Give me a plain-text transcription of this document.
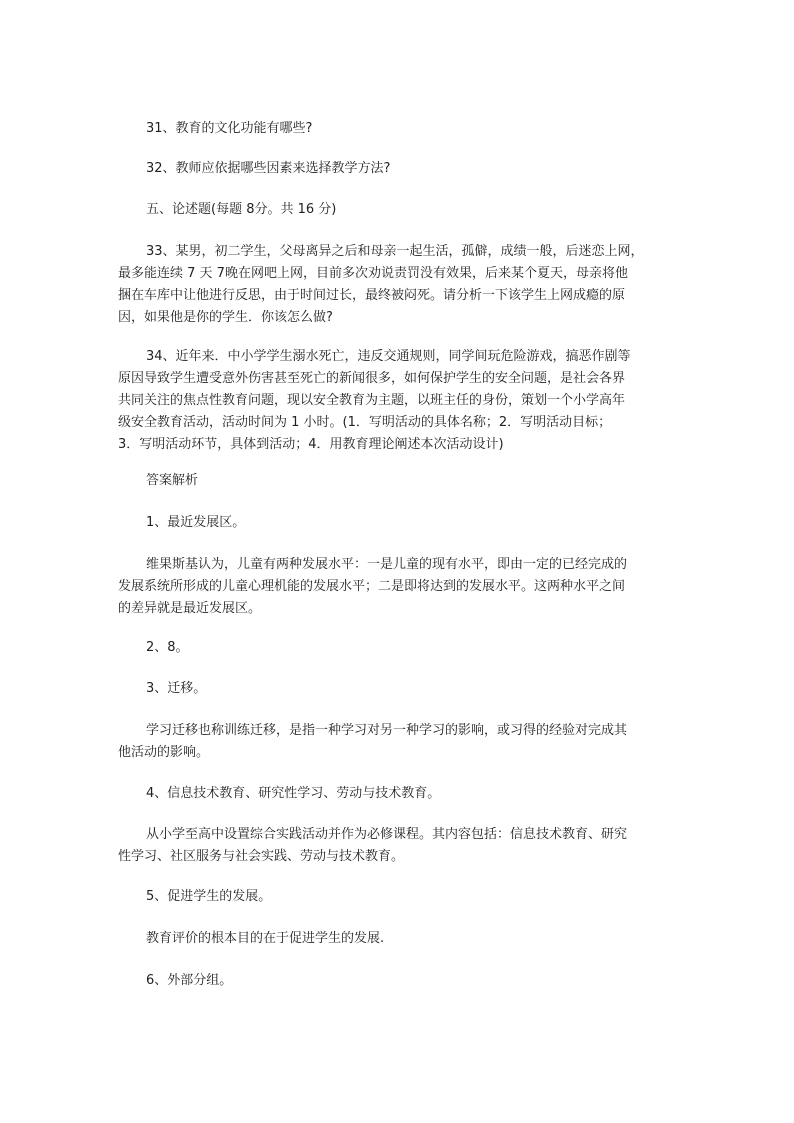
31、教育的文化功能有哪些?
32、教师应依据哪些因素来选择教学方法?
五、论述题(每题 8分。共 16 分)
33、某男，初二学生，父母离异之后和母亲一起生活，孤僻，成绩一般，后迷恋上网，
最多能连续 7 天 7晚在网吧上网，目前多次劝说责罚没有效果，后来某个夏天，母亲将他
捆在车库中让他进行反思，由于时间过长，最终被闷死。请分析一下该学生上网成瘾的原
因，如果他是你的学生．你该怎么做?
34、近年来．中小学学生溺水死亡，违反交通规则，同学间玩危险游戏，搞恶作剧等
原因导致学生遭受意外伤害甚至死亡的新闻很多，如何保护学生的安全问题，是社会各界
共同关注的焦点性教育问题，现以安全教育为主题，以班主任的身份，策划一个小学高年
级安全教育活动，活动时间为 1 小时。(1．写明活动的具体名称；2．写明活动目标；
3．写明活动环节，具体到活动；4．用教育理论阐述本次活动设计)
答案解析
1、最近发展区。
维果斯基认为，儿童有两种发展水平：一是儿童的现有水平，即由一定的已经完成的
发展系统所形成的儿童心理机能的发展水平；二是即将达到的发展水平。这两种水平之间
的差异就是最近发展区。
2、8。
3、迁移。
学习迁移也称训练迁移，是指一种学习对另一种学习的影响，或习得的经验对完成其
他活动的影响。
4、信息技术教育、研究性学习、劳动与技术教育。
从小学至高中设置综合实践活动并作为必修课程。其内容包括：信息技术教育、研究
性学习、社区服务与社会实践、劳动与技术教育。
5、促进学生的发展。
教育评价的根本目的在于促进学生的发展.
6、外部分组。
